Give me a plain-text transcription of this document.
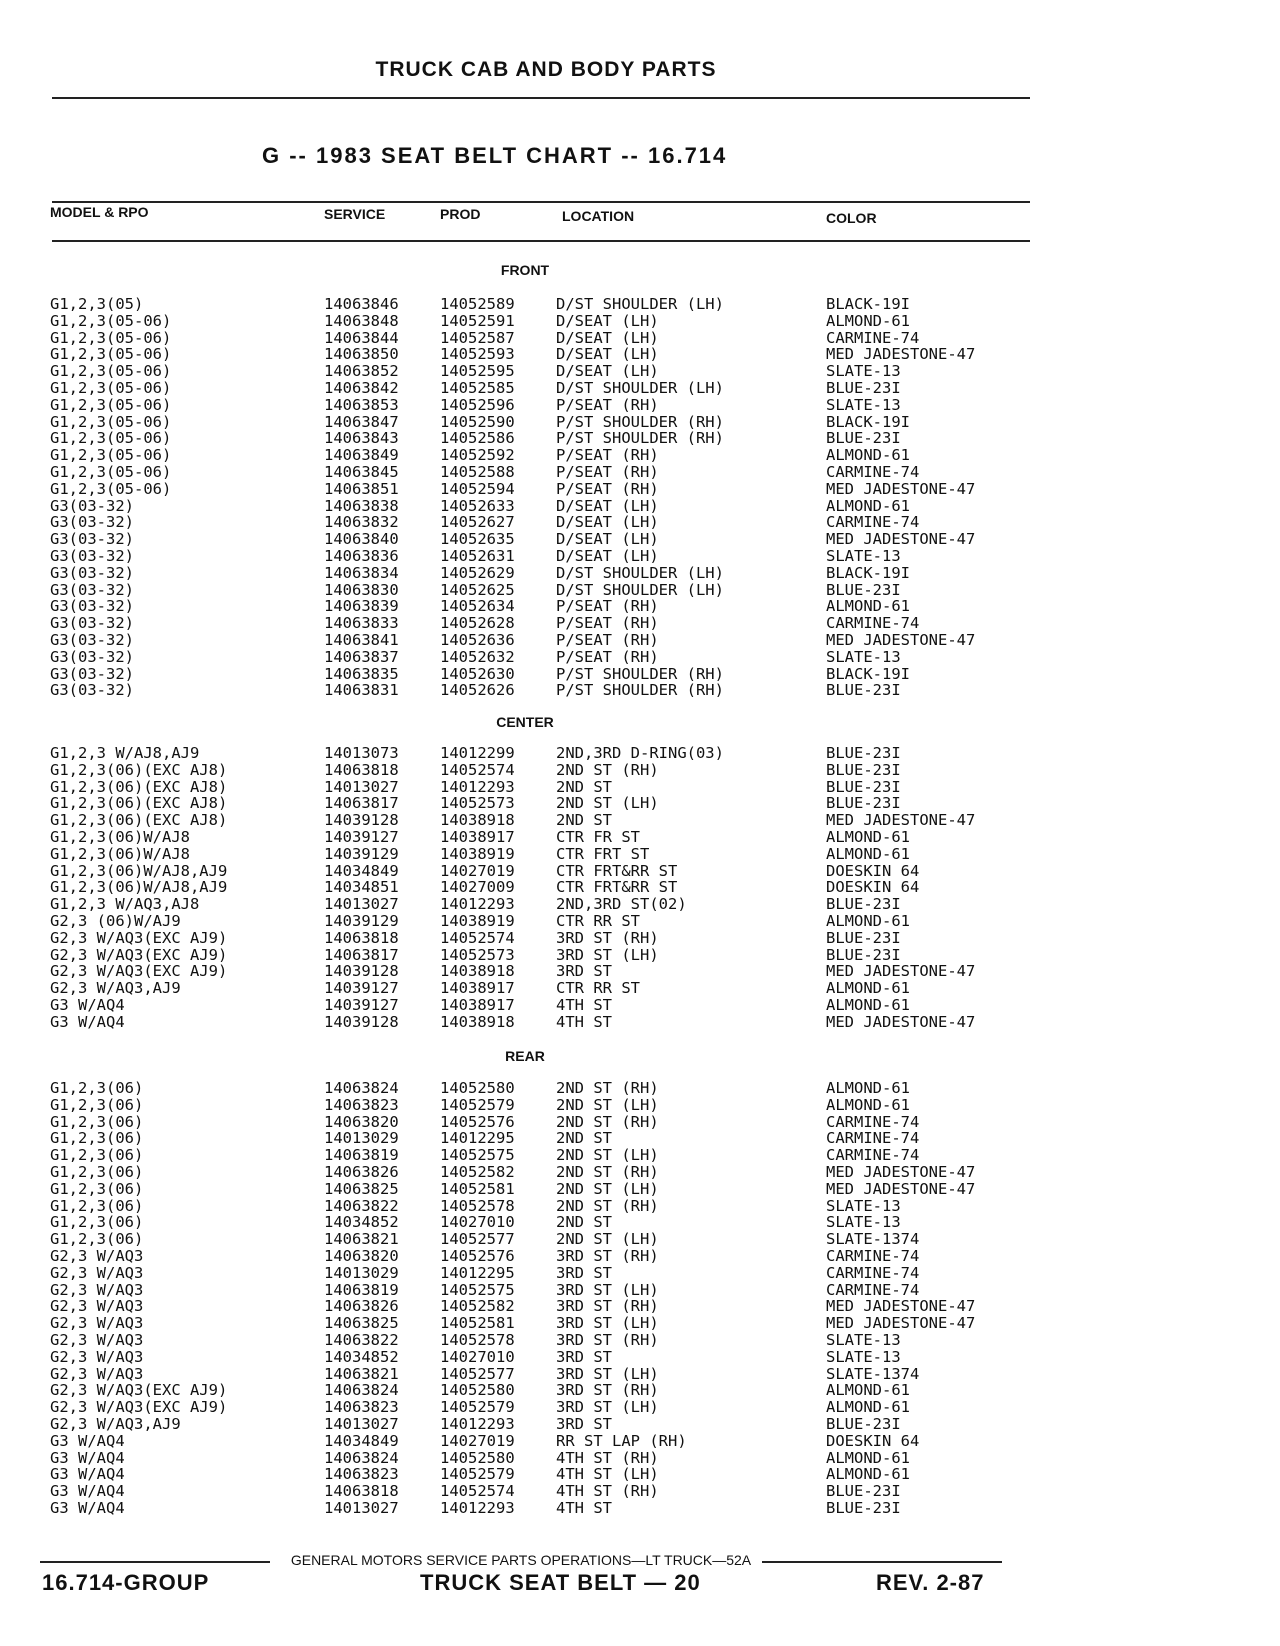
TRUCK CAB AND BODY PARTS
G -- 1983 SEAT BELT CHART -- 16.714
MODEL & RPO	SERVICE	PROD	LOCATION	COLOR
FRONT
G1,2,3(05)	14063846	14052589	D/ST SHOULDER (LH)	BLACK-19I
G1,2,3(05-06)	14063848	14052591	D/SEAT (LH)	ALMOND-61
G1,2,3(05-06)	14063844	14052587	D/SEAT (LH)	CARMINE-74
G1,2,3(05-06)	14063850	14052593	D/SEAT (LH)	MED JADESTONE-47
G1,2,3(05-06)	14063852	14052595	D/SEAT (LH)	SLATE-13
G1,2,3(05-06)	14063842	14052585	D/ST SHOULDER (LH)	BLUE-23I
G1,2,3(05-06)	14063853	14052596	P/SEAT (RH)	SLATE-13
G1,2,3(05-06)	14063847	14052590	P/ST SHOULDER (RH)	BLACK-19I
G1,2,3(05-06)	14063843	14052586	P/ST SHOULDER (RH)	BLUE-23I
G1,2,3(05-06)	14063849	14052592	P/SEAT (RH)	ALMOND-61
G1,2,3(05-06)	14063845	14052588	P/SEAT (RH)	CARMINE-74
G1,2,3(05-06)	14063851	14052594	P/SEAT (RH)	MED JADESTONE-47
G3(03-32)	14063838	14052633	D/SEAT (LH)	ALMOND-61
G3(03-32)	14063832	14052627	D/SEAT (LH)	CARMINE-74
G3(03-32)	14063840	14052635	D/SEAT (LH)	MED JADESTONE-47
G3(03-32)	14063836	14052631	D/SEAT (LH)	SLATE-13
G3(03-32)	14063834	14052629	D/ST SHOULDER (LH)	BLACK-19I
G3(03-32)	14063830	14052625	D/ST SHOULDER (LH)	BLUE-23I
G3(03-32)	14063839	14052634	P/SEAT (RH)	ALMOND-61
G3(03-32)	14063833	14052628	P/SEAT (RH)	CARMINE-74
G3(03-32)	14063841	14052636	P/SEAT (RH)	MED JADESTONE-47
G3(03-32)	14063837	14052632	P/SEAT (RH)	SLATE-13
G3(03-32)	14063835	14052630	P/ST SHOULDER (RH)	BLACK-19I
G3(03-32)	14063831	14052626	P/ST SHOULDER (RH)	BLUE-23I
CENTER
G1,2,3 W/AJ8,AJ9	14013073	14012299	2ND,3RD D-RING(03)	BLUE-23I
G1,2,3(06)(EXC AJ8)	14063818	14052574	2ND ST (RH)	BLUE-23I
G1,2,3(06)(EXC AJ8)	14013027	14012293	2ND ST	BLUE-23I
G1,2,3(06)(EXC AJ8)	14063817	14052573	2ND ST (LH)	BLUE-23I
G1,2,3(06)(EXC AJ8)	14039128	14038918	2ND ST	MED JADESTONE-47
G1,2,3(06)W/AJ8	14039127	14038917	CTR FR ST	ALMOND-61
G1,2,3(06)W/AJ8	14039129	14038919	CTR FRT ST	ALMOND-61
G1,2,3(06)W/AJ8,AJ9	14034849	14027019	CTR FRT&RR ST	DOESKIN 64
G1,2,3(06)W/AJ8,AJ9	14034851	14027009	CTR FRT&RR ST	DOESKIN 64
G1,2,3 W/AQ3,AJ8	14013027	14012293	2ND,3RD ST(02)	BLUE-23I
G2,3 (06)W/AJ9	14039129	14038919	CTR RR ST	ALMOND-61
G2,3 W/AQ3(EXC AJ9)	14063818	14052574	3RD ST (RH)	BLUE-23I
G2,3 W/AQ3(EXC AJ9)	14063817	14052573	3RD ST (LH)	BLUE-23I
G2,3 W/AQ3(EXC AJ9)	14039128	14038918	3RD ST	MED JADESTONE-47
G2,3 W/AQ3,AJ9	14039127	14038917	CTR RR ST	ALMOND-61
G3 W/AQ4	14039127	14038917	4TH ST	ALMOND-61
G3 W/AQ4	14039128	14038918	4TH ST	MED JADESTONE-47
REAR
G1,2,3(06)	14063824	14052580	2ND ST (RH)	ALMOND-61
G1,2,3(06)	14063823	14052579	2ND ST (LH)	ALMOND-61
G1,2,3(06)	14063820	14052576	2ND ST (RH)	CARMINE-74
G1,2,3(06)	14013029	14012295	2ND ST	CARMINE-74
G1,2,3(06)	14063819	14052575	2ND ST (LH)	CARMINE-74
G1,2,3(06)	14063826	14052582	2ND ST (RH)	MED JADESTONE-47
G1,2,3(06)	14063825	14052581	2ND ST (LH)	MED JADESTONE-47
G1,2,3(06)	14063822	14052578	2ND ST (RH)	SLATE-13
G1,2,3(06)	14034852	14027010	2ND ST	SLATE-13
G1,2,3(06)	14063821	14052577	2ND ST (LH)	SLATE-1374
G2,3 W/AQ3	14063820	14052576	3RD ST (RH)	CARMINE-74
G2,3 W/AQ3	14013029	14012295	3RD ST	CARMINE-74
G2,3 W/AQ3	14063819	14052575	3RD ST (LH)	CARMINE-74
G2,3 W/AQ3	14063826	14052582	3RD ST (RH)	MED JADESTONE-47
G2,3 W/AQ3	14063825	14052581	3RD ST (LH)	MED JADESTONE-47
G2,3 W/AQ3	14063822	14052578	3RD ST (RH)	SLATE-13
G2,3 W/AQ3	14034852	14027010	3RD ST	SLATE-13
G2,3 W/AQ3	14063821	14052577	3RD ST (LH)	SLATE-1374
G2,3 W/AQ3(EXC AJ9)	14063824	14052580	3RD ST (RH)	ALMOND-61
G2,3 W/AQ3(EXC AJ9)	14063823	14052579	3RD ST (LH)	ALMOND-61
G2,3 W/AQ3,AJ9	14013027	14012293	3RD ST	BLUE-23I
G3 W/AQ4	14034849	14027019	RR ST LAP (RH)	DOESKIN 64
G3 W/AQ4	14063824	14052580	4TH ST (RH)	ALMOND-61
G3 W/AQ4	14063823	14052579	4TH ST (LH)	ALMOND-61
G3 W/AQ4	14063818	14052574	4TH ST (RH)	BLUE-23I
G3 W/AQ4	14013027	14012293	4TH ST	BLUE-23I
GENERAL MOTORS SERVICE PARTS OPERATIONS—LT TRUCK—52A
16.714-GROUP	TRUCK SEAT BELT — 20	REV. 2-87
